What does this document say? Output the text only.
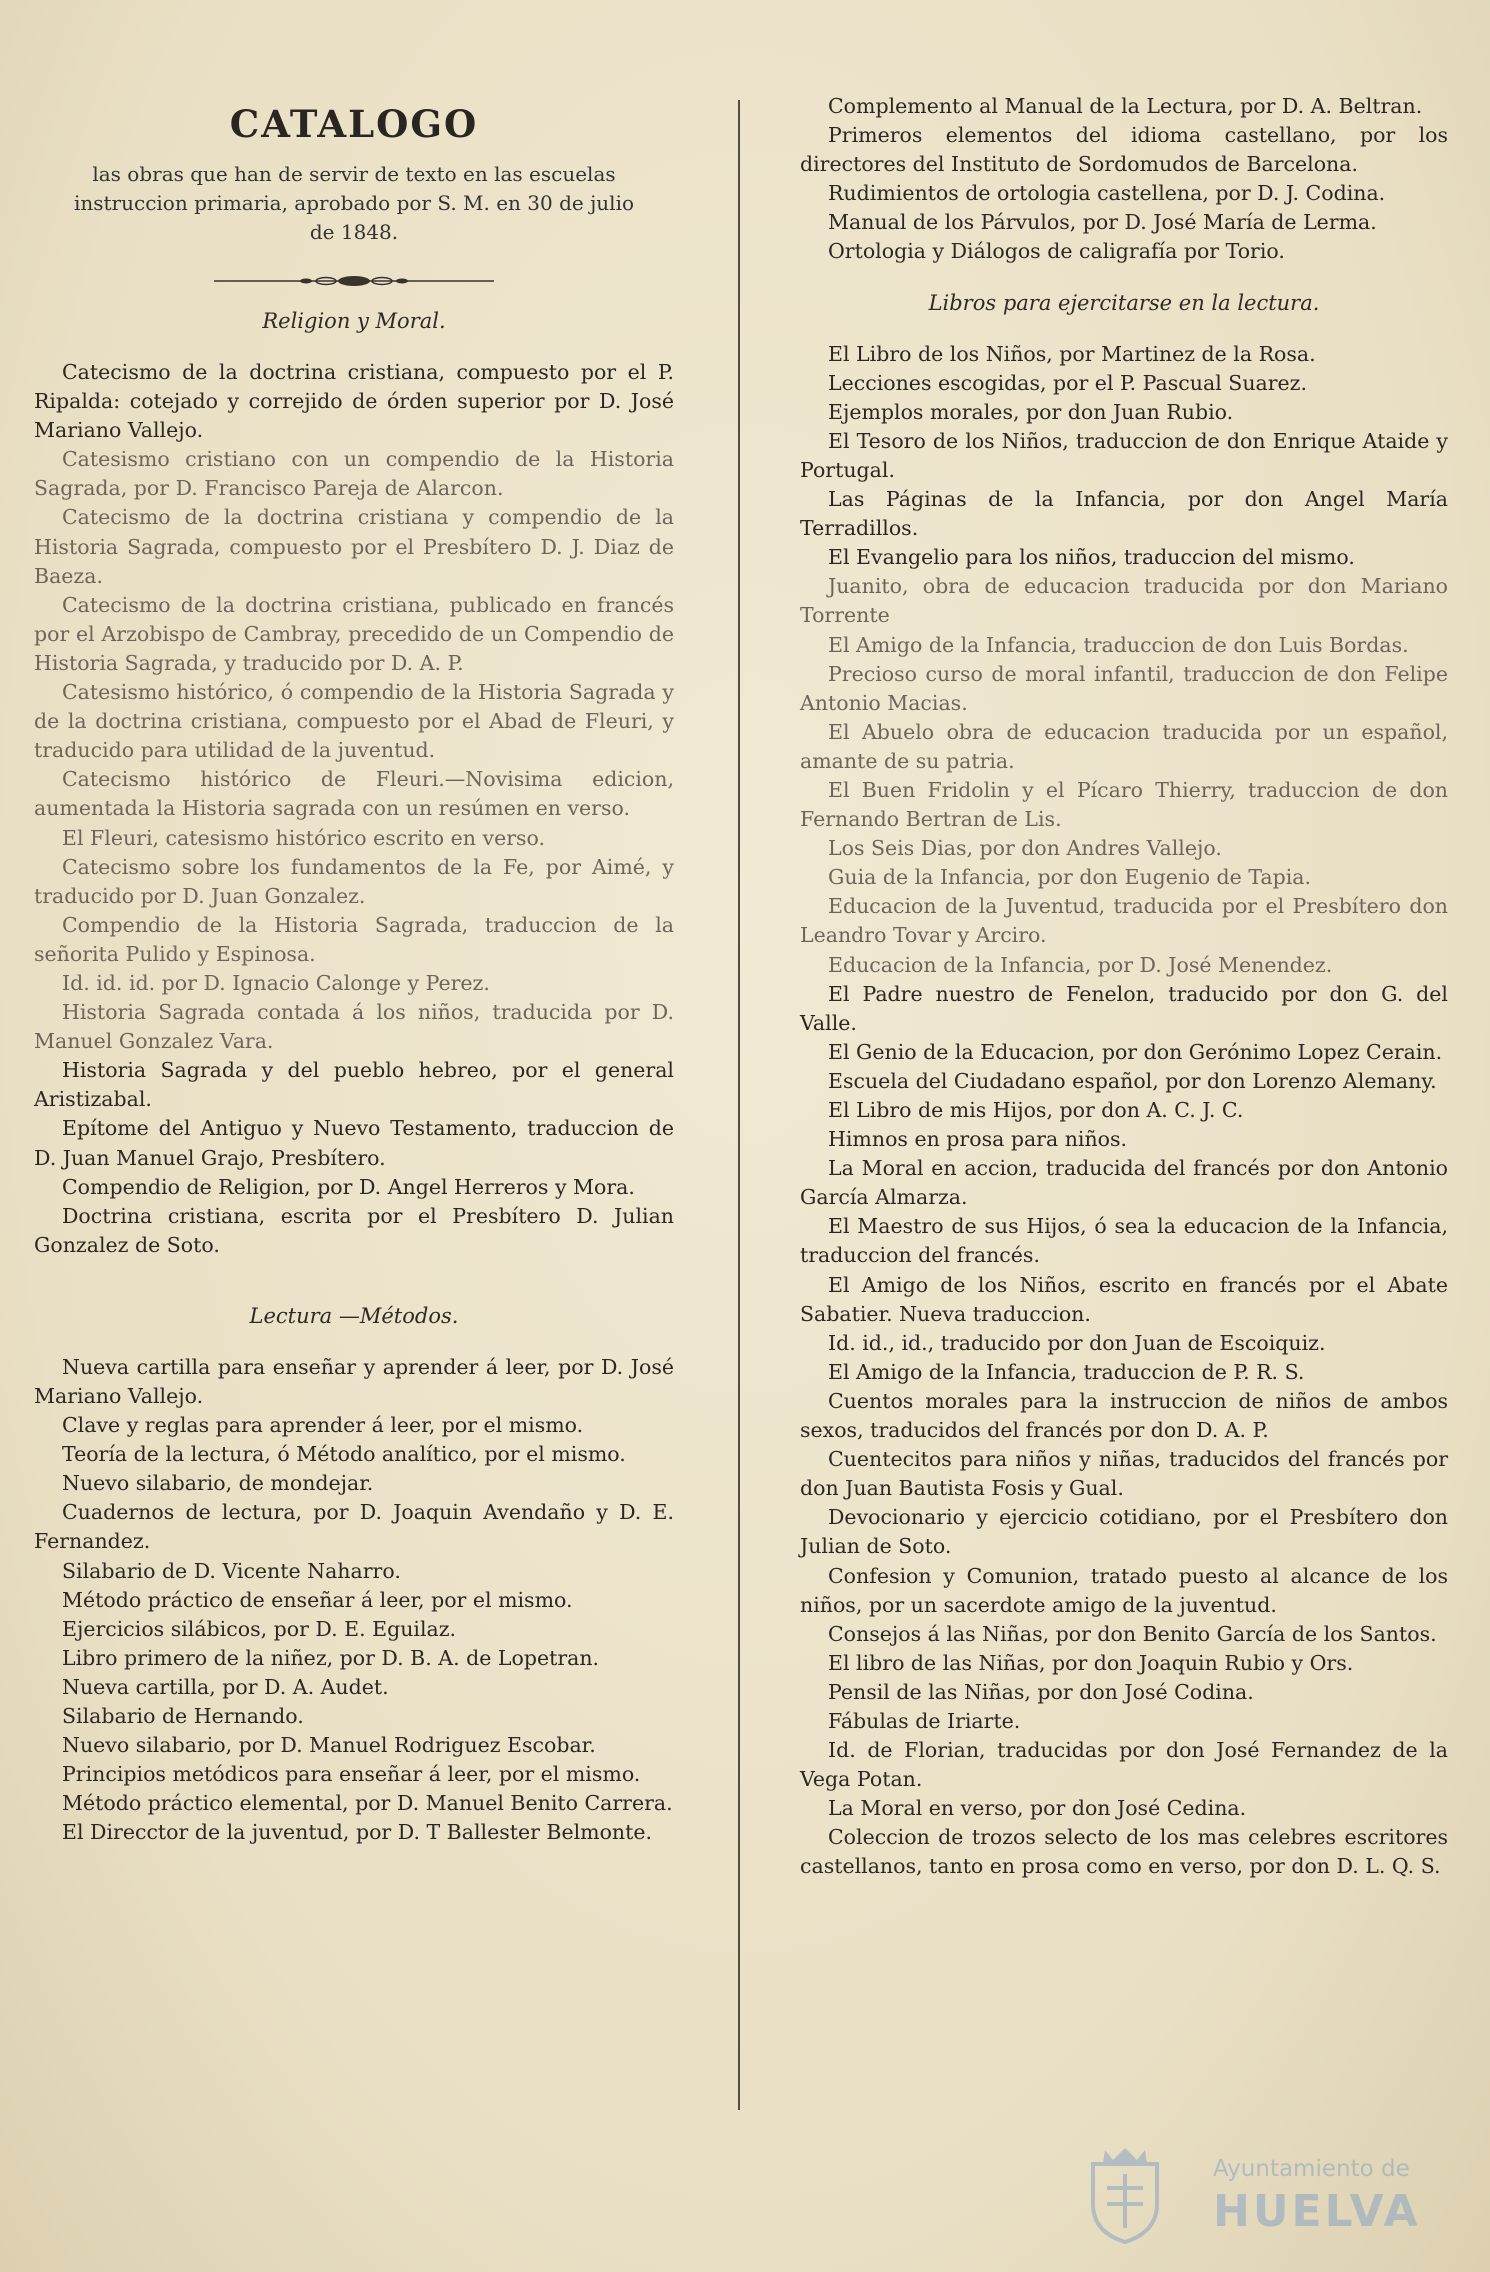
CATALOGO
las obras que han de servir de texto en las escuelas instruccion primaria, aprobado por S. M. en 30 de julio de 1848.
Religion y Moral.
Catecismo de la doctrina cristiana, compuesto por el P. Ripalda: cotejado y correjido de órden superior por D. José Mariano Vallejo.
Catesismo cristiano con un compendio de la Historia Sagrada, por D. Francisco Pareja de Alarcon.
Catecismo de la doctrina cristiana y compendio de la Historia Sagrada, compuesto por el Presbítero D. J. Diaz de Baeza.
Catecismo de la doctrina cristiana, publicado en francés por el Arzobispo de Cambray, precedido de un Compendio de Historia Sagrada, y traducido por D. A. P.
Catesismo histórico, ó compendio de la Historia Sagrada y de la doctrina cristiana, compuesto por el Abad de Fleuri, y traducido para utilidad de la juventud.
Catecismo histórico de Fleuri.—Novisima edicion, aumentada la Historia sagrada con un resúmen en verso.
El Fleuri, catesismo histórico escrito en verso.
Catecismo sobre los fundamentos de la Fe, por Aimé, y traducido por D. Juan Gonzalez.
Compendio de la Historia Sagrada, traduccion de la señorita Pulido y Espinosa.
Id. id. id. por D. Ignacio Calonge y Perez.
Historia Sagrada contada á los niños, traducida por D. Manuel Gonzalez Vara.
Historia Sagrada y del pueblo hebreo, por el general Aristizabal.
Epítome del Antiguo y Nuevo Testamento, traduccion de D. Juan Manuel Grajo, Presbítero.
Compendio de Religion, por D. Angel Herreros y Mora.
Doctrina cristiana, escrita por el Presbítero D. Julian Gonzalez de Soto.
Lectura —Métodos.
Nueva cartilla para enseñar y aprender á leer, por D. José Mariano Vallejo.
Clave y reglas para aprender á leer, por el mismo.
Teoría de la lectura, ó Método analítico, por el mismo.
Nuevo silabario, de mondejar.
Cuadernos de lectura, por D. Joaquin Avendaño y D. E. Fernandez.
Silabario de D. Vicente Naharro.
Método práctico de enseñar á leer, por el mismo.
Ejercicios silábicos, por D. E. Eguilaz.
Libro primero de la niñez, por D. B. A. de Lopetran.
Nueva cartilla, por D. A. Audet.
Silabario de Hernando.
Nuevo silabario, por D. Manuel Rodriguez Escobar.
Principios metódicos para enseñar á leer, por el mismo.
Método práctico elemental, por D. Manuel Benito Carrera.
El Direcctor de la juventud, por D. T Ballester Belmonte.
Complemento al Manual de la Lectura, por D. A. Beltran.
Primeros elementos del idioma castellano, por los directores del Instituto de Sordomudos de Barcelona.
Rudimientos de ortologia castellena, por D. J. Codina.
Manual de los Párvulos, por D. José María de Lerma.
Ortologia y Diálogos de caligrafía por Torio.
Libros para ejercitarse en la lectura.
El Libro de los Niños, por Martinez de la Rosa.
Lecciones escogidas, por el P. Pascual Suarez.
Ejemplos morales, por don Juan Rubio.
El Tesoro de los Niños, traduccion de don Enrique Ataide y Portugal.
Las Páginas de la Infancia, por don Angel María Terradillos.
El Evangelio para los niños, traduccion del mismo.
Juanito, obra de educacion traducida por don Mariano Torrente
El Amigo de la Infancia, traduccion de don Luis Bordas.
Precioso curso de moral infantil, traduccion de don Felipe Antonio Macias.
El Abuelo obra de educacion traducida por un español, amante de su patria.
El Buen Fridolin y el Pícaro Thierry, traduccion de don Fernando Bertran de Lis.
Los Seis Dias, por don Andres Vallejo.
Guia de la Infancia, por don Eugenio de Tapia.
Educacion de la Juventud, traducida por el Presbítero don Leandro Tovar y Arciro.
Educacion de la Infancia, por D. José Menendez.
El Padre nuestro de Fenelon, traducido por don G. del Valle.
El Genio de la Educacion, por don Gerónimo Lopez Cerain.
Escuela del Ciudadano español, por don Lorenzo Alemany.
El Libro de mis Hijos, por don A. C. J. C.
Himnos en prosa para niños.
La Moral en accion, traducida del francés por don Antonio García Almarza.
El Maestro de sus Hijos, ó sea la educacion de la Infancia, traduccion del francés.
El Amigo de los Niños, escrito en francés por el Abate Sabatier. Nueva traduccion.
Id. id., id., traducido por don Juan de Escoiquiz.
El Amigo de la Infancia, traduccion de P. R. S.
Cuentos morales para la instruccion de niños de ambos sexos, traducidos del francés por don D. A. P.
Cuentecitos para niños y niñas, traducidos del francés por don Juan Bautista Fosis y Gual.
Devocionario y ejercicio cotidiano, por el Presbítero don Julian de Soto.
Confesion y Comunion, tratado puesto al alcance de los niños, por un sacerdote amigo de la juventud.
Consejos á las Niñas, por don Benito García de los Santos.
El libro de las Niñas, por don Joaquin Rubio y Ors.
Pensil de las Niñas, por don José Codina.
Fábulas de Iriarte.
Id. de Florian, traducidas por don José Fernandez de la Vega Potan.
La Moral en verso, por don José Cedina.
Coleccion de trozos selecto de los mas celebres escritores castellanos, tanto en prosa como en verso, por don D. L. Q. S.
Ayuntamiento de
HUELVA
